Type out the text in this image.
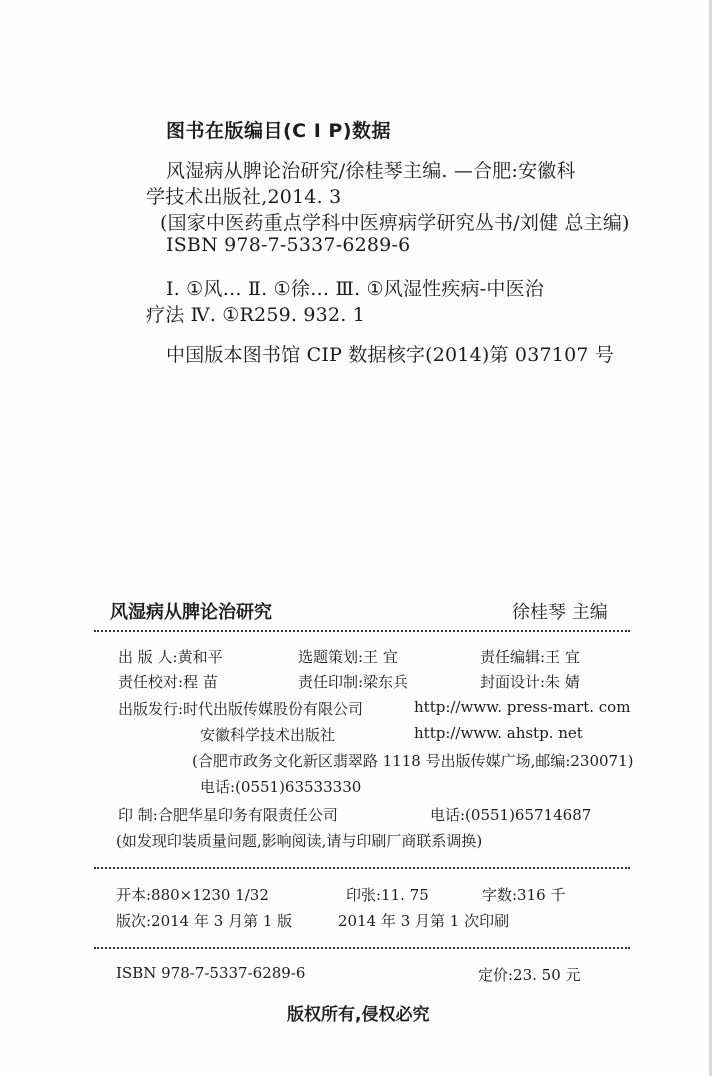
图书在版编目(C I P)数据
风湿病从脾论治研究/徐桂琴主编. —合肥:安徽科
学技术出版社,2014. 3
(国家中医药重点学科中医痹病学研究丛书/刘健 总主编)
ISBN 978-7-5337-6289-6
Ⅰ. ①风… Ⅱ. ①徐… Ⅲ. ①风湿性疾病-中医治
疗法 Ⅳ. ①R259. 932. 1
中国版本图书馆 CIP 数据核字(2014)第 037107 号
风湿病从脾论治研究	徐桂琴 主编
出 版 人:黄和平	选题策划:王 宜	责任编辑:王 宜
责任校对:程 苗	责任印制:梁东兵	封面设计:朱 婧
出版发行:时代出版传媒股份有限公司	http://www. press-mart. com
安徽科学技术出版社	http://www. ahstp. net
(合肥市政务文化新区翡翠路 1118 号出版传媒广场,邮编:230071)
电话:(0551)63533330
印 制:合肥华星印务有限责任公司	电话:(0551)65714687
(如发现印装质量问题,影响阅读,请与印刷厂商联系调换)
开本:880×1230 1/32	印张:11. 75	字数:316 千
版次:2014 年 3 月第 1 版	2014 年 3 月第 1 次印刷
ISBN 978-7-5337-6289-6	定价:23. 50 元
版权所有,侵权必究
